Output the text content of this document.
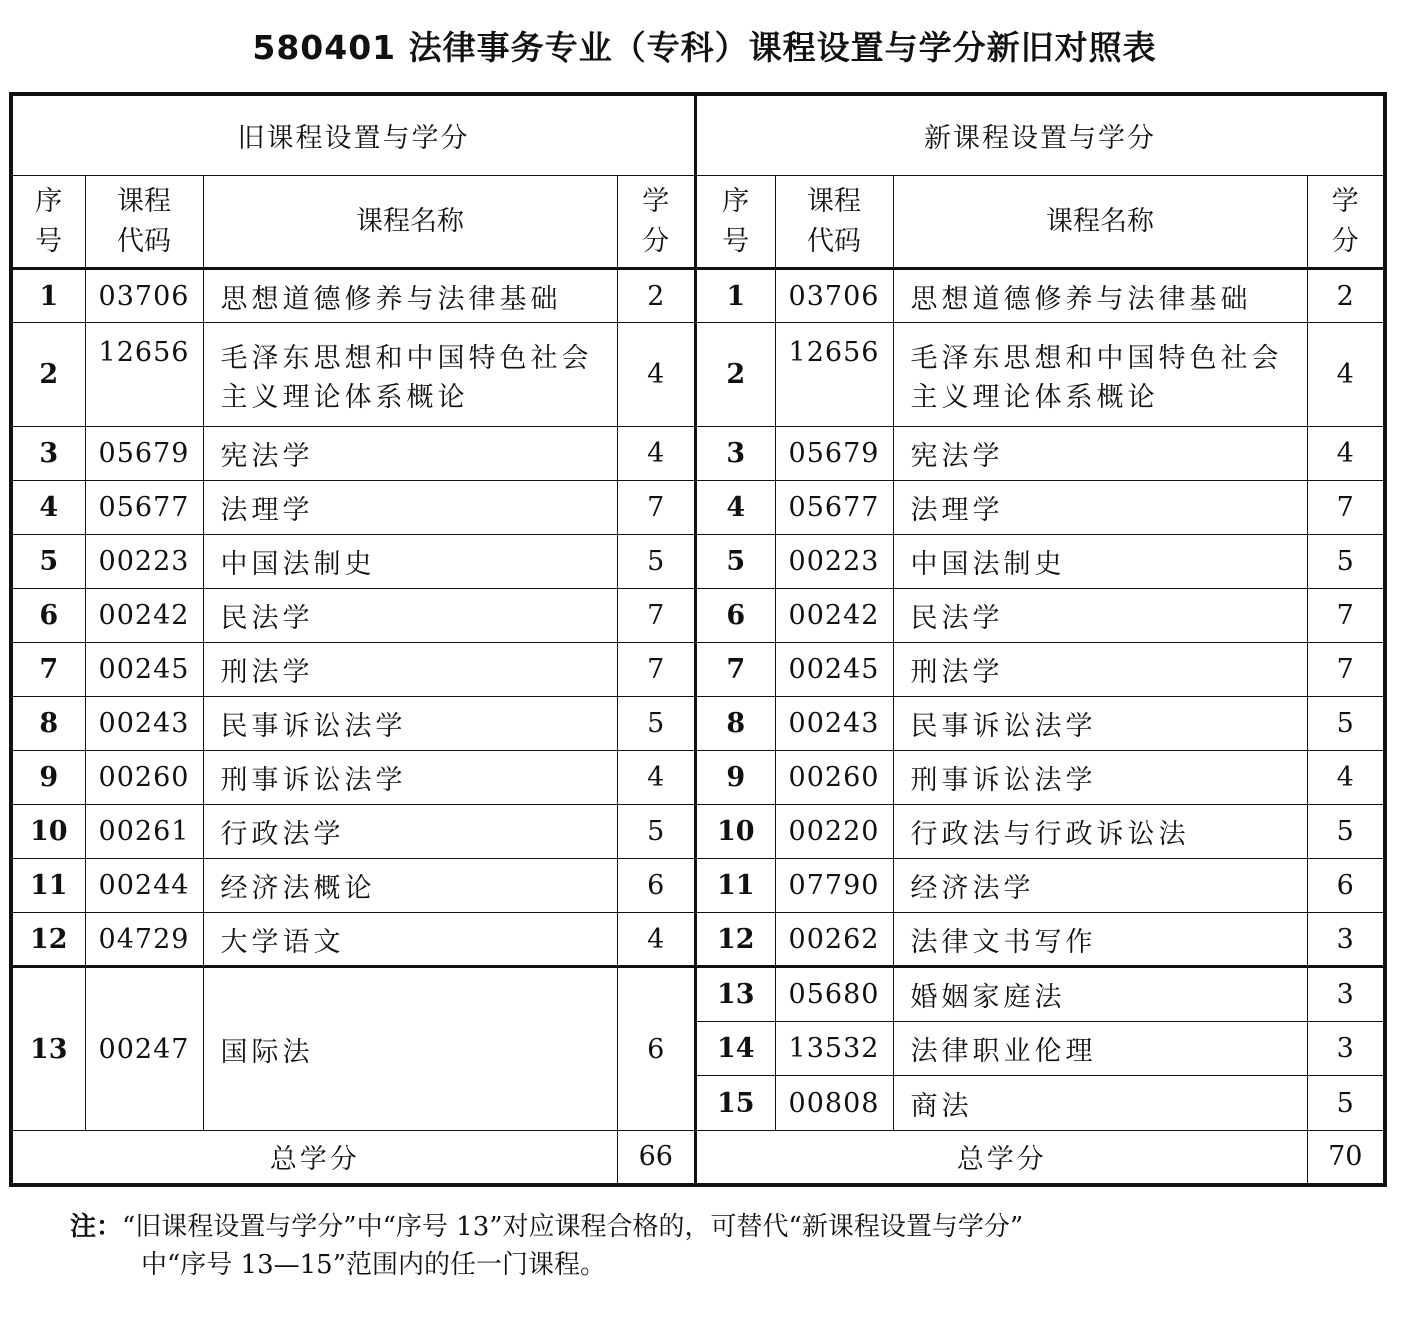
580401 法律事务专业（专科）课程设置与学分新旧对照表
旧课程设置与学分			
序号	课程代码	课程名称	学分
1	03706	思想道德修养与法律基础	2
2	12656	毛泽东思想和中国特色社会主义理论体系概论	4
3	05679	宪法学	4
4	05677	法理学	7
5	00223	中国法制史	5
6	00242	民法学	7
7	00245	刑法学	7
8	00243	民事诉讼法学	5
9	00260	刑事诉讼法学	4
10	00261	行政法学	5
11	00244	经济法概论	6
12	04729	大学语文	4
13	00247	国际法	6
总学分			66
新课程设置与学分			
序号	课程代码	课程名称	学分
1	03706	思想道德修养与法律基础	2
2	12656	毛泽东思想和中国特色社会主义理论体系概论	4
3	05679	宪法学	4
4	05677	法理学	7
5	00223	中国法制史	5
6	00242	民法学	7
7	00245	刑法学	7
8	00243	民事诉讼法学	5
9	00260	刑事诉讼法学	4
10	00220	行政法与行政诉讼法	5
11	07790	经济法学	6
12	00262	法律文书写作	3
13	05680	婚姻家庭法	3
14	13532	法律职业伦理	3
15	00808	商法	5
总学分			70
注：“旧课程设置与学分”中“序号 13”对应课程合格的，可替代“新课程设置与学分”
中“序号 13—15”范围内的任一门课程。
